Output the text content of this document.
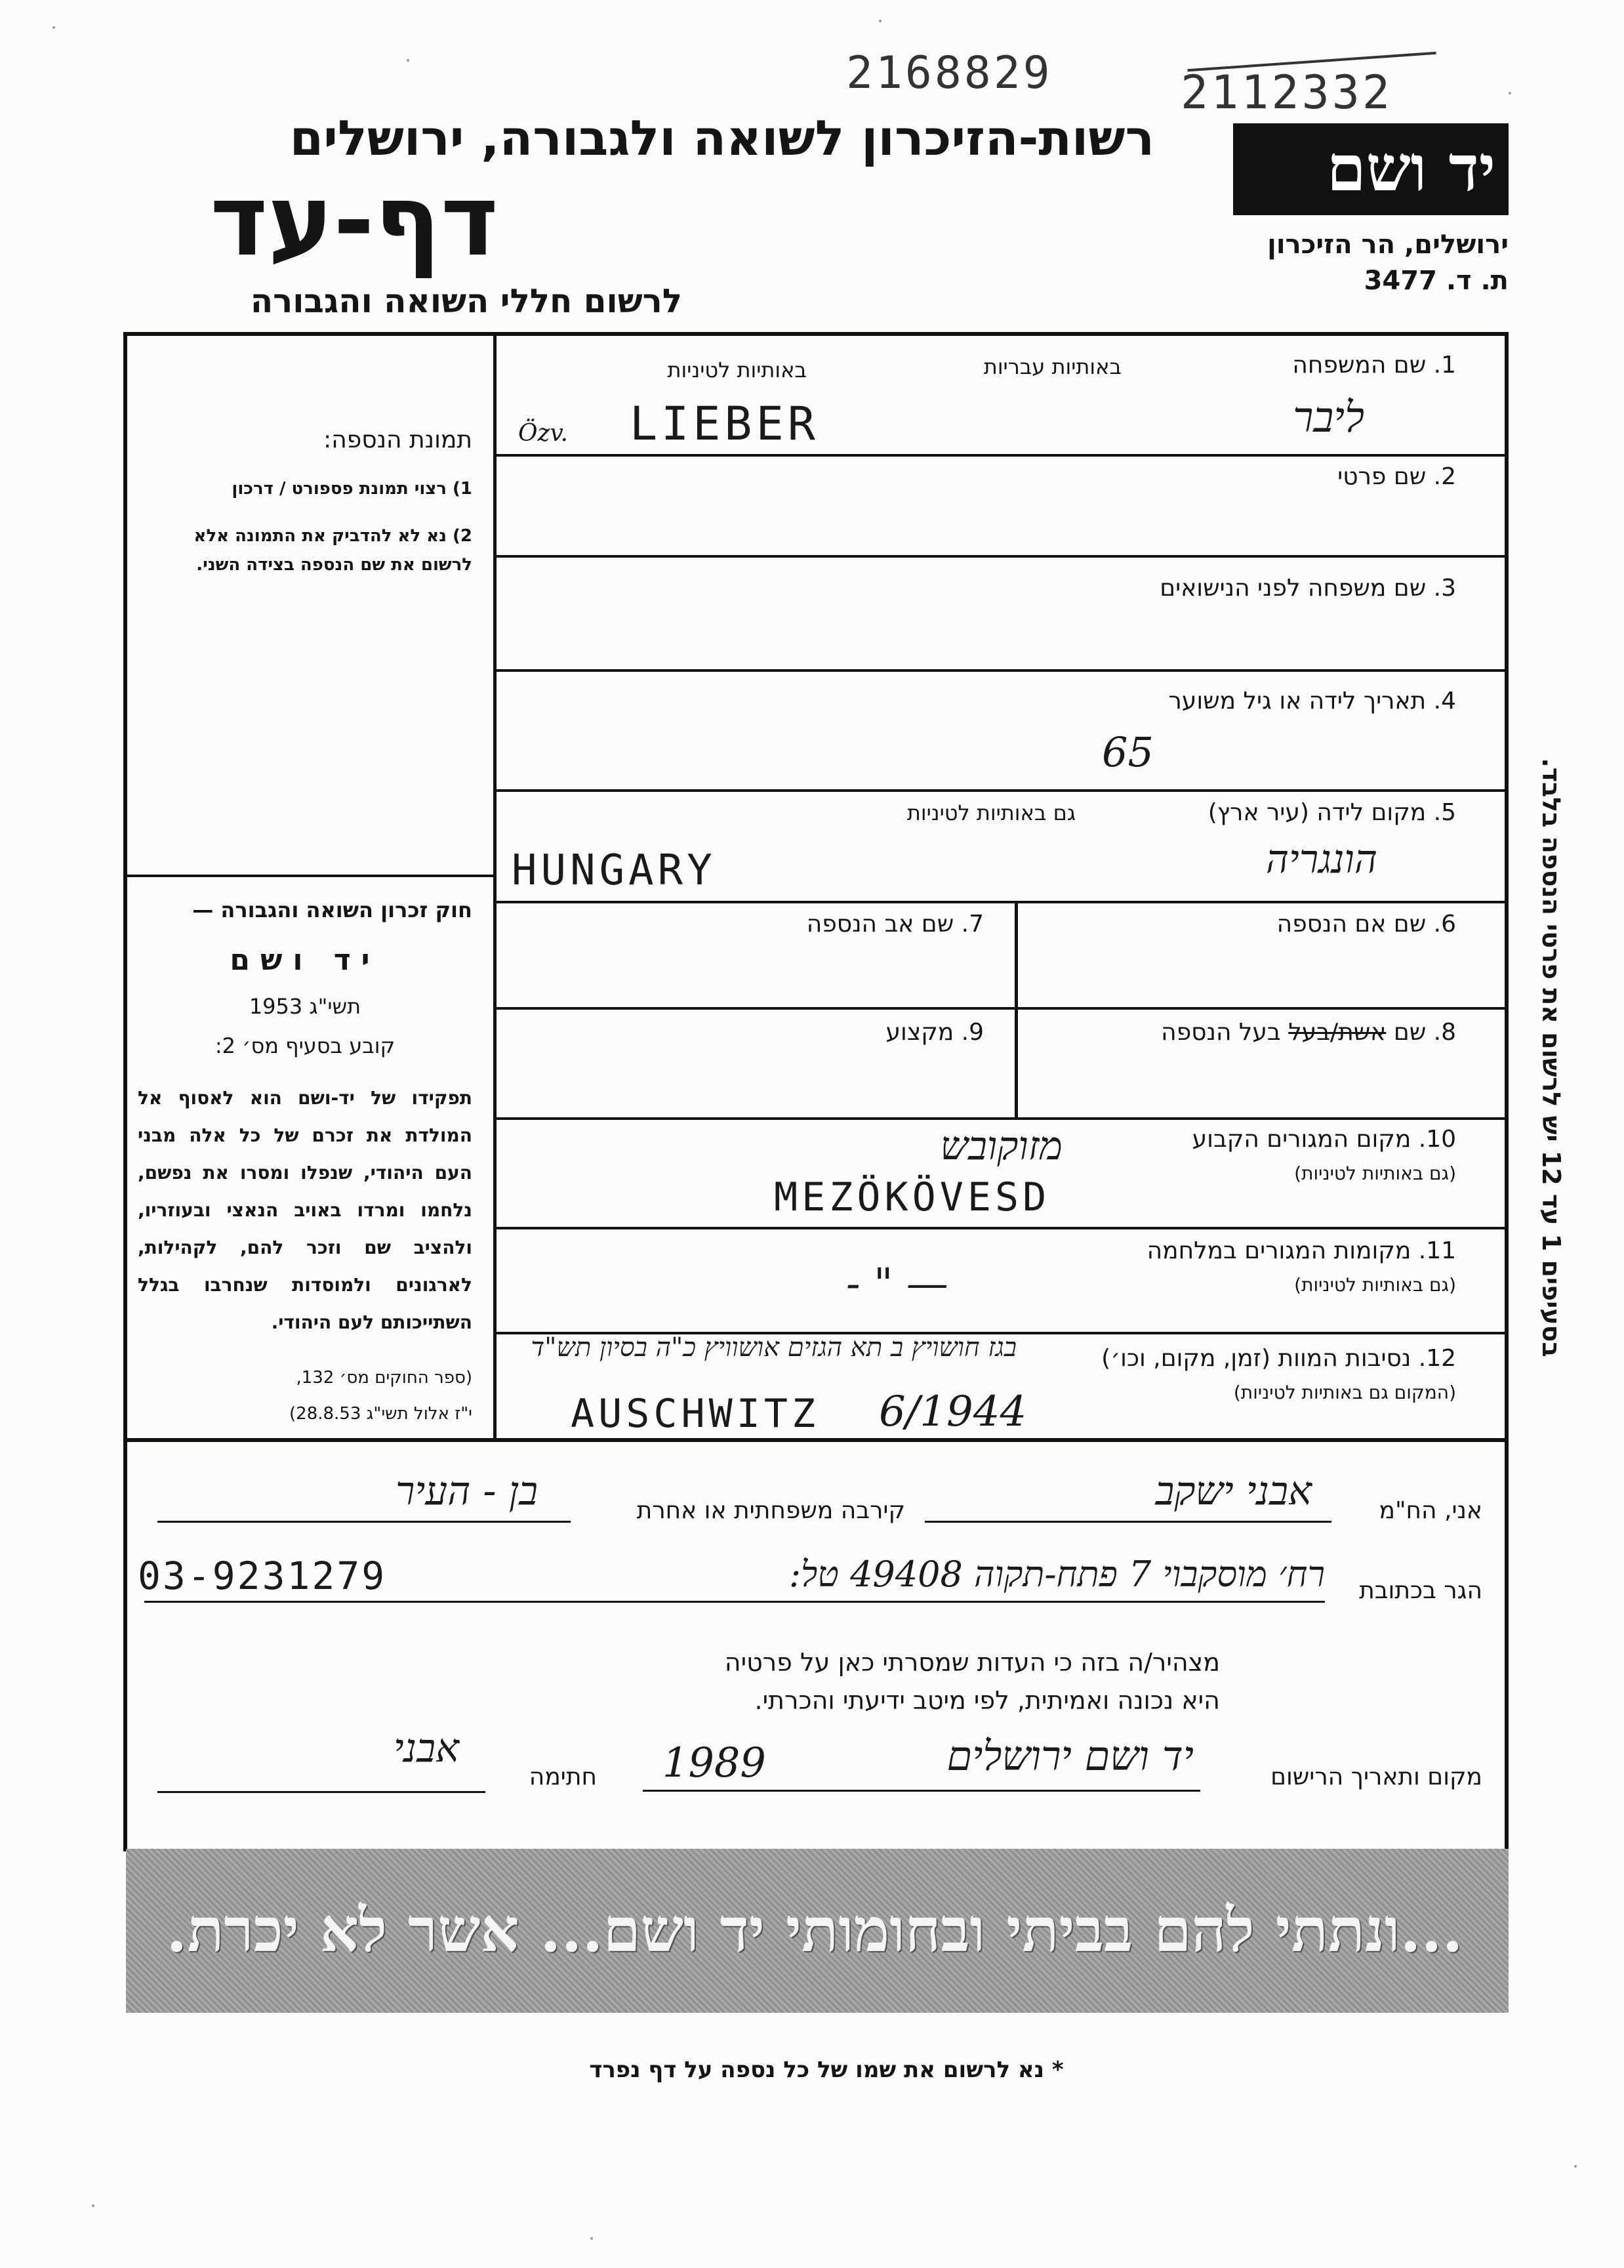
2168829	2112332
רשות-הזיכרון לשואה ולגבורה, ירושלים
דף-עד
לרשום חללי השואה והגבורה
יד ושם
ירושלים, הר הזיכרון
ת. ד. 3477
תמונת הנספה:
1) רצוי תמונת פספורט / דרכון
2) נא לא להדביק את התמונה אלא לרשום את שם הנספה בצידה השני.
חוק זכרון השואה והגבורה —
יד ושם
תשי"ג 1953
קובע בסעיף מס׳ 2:
תפקידו של יד-ושם הוא לאסוף אל המולדת את זכרם של כל אלה מבני העם היהודי, שנפלו ומסרו את נפשם, נלחמו ומרדו באויב הנאצי ובעוזריו, ולהציב שם וזכר להם, לקהילות, לארגונים ולמוסדות שנחרבו בגלל השתייכותם לעם היהודי.
(ספר החוקים מס׳ 132,
י"ז אלול תשי"ג 28.8.53)
1. שם המשפחה
באותיות עבריות
באותיות לטיניות
ליבר
Özv. LIEBER
2. שם פרטי
3. שם משפחה לפני הנישואים
4. תאריך לידה או גיל משוער
65
5. מקום לידה (עיר ארץ)
גם באותיות לטיניות
הונגריה
HUNGARY
6. שם אם הנספה
7. שם אב הנספה
8. שם אשת/בעל בעל הנספה
9. מקצוע
10. מקום המגורים הקבוע
(גם באותיות לטיניות)
מזוקובש
MEZÖKÖVESD
11. מקומות המגורים במלחמה
(גם באותיות לטיניות)
- " —
12. נסיבות המוות (זמן, מקום, וכו׳)
(המקום גם באותיות לטיניות)
בגז חושויץ ב תא הגזים אושוויץ כ"ה בסיון תש"ד
AUSCHWITZ 6/1944
בסעיפים 1 עד 12 יש לרשום את פרטי הנספה בלבד.
אני, הח"מ
אבני ישקב
קירבה משפחתית או אחרת
בן - העיר
הגר בכתובת
רח׳ מוסקבוי 7 פתח-תקוה 49408 טל:
03-9231279
מצהיר/ה בזה כי העדות שמסרתי כאן על פרטיה
היא נכונה ואמיתית, לפי מיטב ידיעתי והכרתי.
מקום ותאריך הרישום
יד ושם ירושלים
1989
חתימה
אבני
...ונתתי להם בביתי ובחומותי יד ושם... אשר לא יכרת.
* נא לרשום את שמו של כל נספה על דף נפרד
